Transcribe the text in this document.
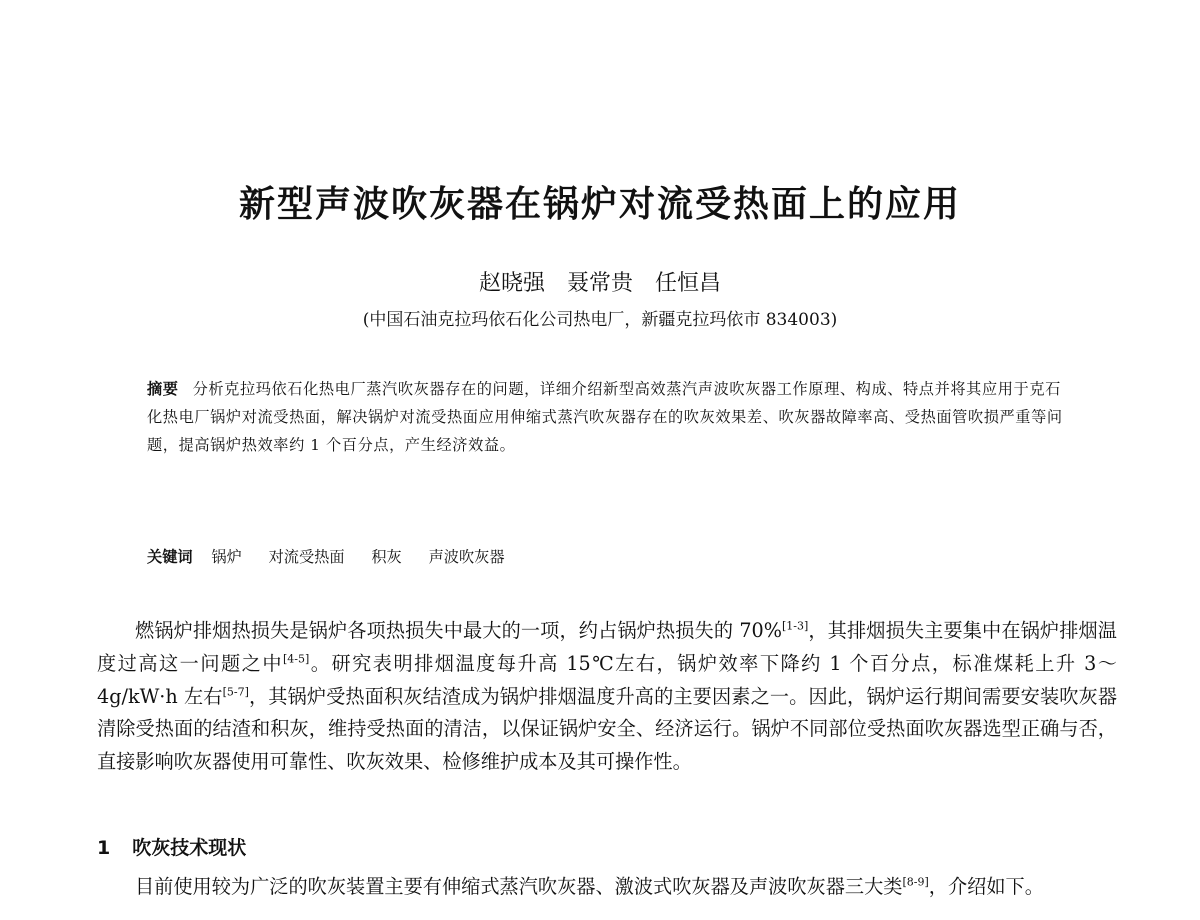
新型声波吹灰器在锅炉对流受热面上的应用
赵晓强　聂常贵　任恒昌
(中国石油克拉玛依石化公司热电厂，新疆克拉玛依市 834003)
摘要 分析克拉玛依石化热电厂蒸汽吹灰器存在的问题，详细介绍新型高效蒸汽声波吹灰器工作原理、构成、特点并将其应用于克石化热电厂锅炉对流受热面，解决锅炉对流受热面应用伸缩式蒸汽吹灰器存在的吹灰效果差、吹灰器故障率高、受热面管吹损严重等问题，提高锅炉热效率约 1 个百分点，产生经济效益。
关键词 锅炉 对流受热面 积灰 声波吹灰器

燃锅炉排烟热损失是锅炉各项热损失中最大的一项，约占锅炉热损失的 70%[1-3]，其排烟损失主要集中在锅炉排烟温度过高这一问题之中[4-5]。研究表明排烟温度每升高 15℃左右，锅炉效率下降约 1 个百分点，标准煤耗上升 3～4g/kW·h 左右[5-7]，其锅炉受热面积灰结渣成为锅炉排烟温度升高的主要因素之一。因此，锅炉运行期间需要安装吹灰器清除受热面的结渣和积灰，维持受热面的清洁，以保证锅炉安全、经济运行。锅炉不同部位受热面吹灰器选型正确与否，直接影响吹灰器使用可靠性、吹灰效果、检修维护成本及其可操作性。

1 吹灰技术现状

目前使用较为广泛的吹灰装置主要有伸缩式蒸汽吹灰器、激波式吹灰器及声波吹灰器三大类[8-9]，介绍如下。
